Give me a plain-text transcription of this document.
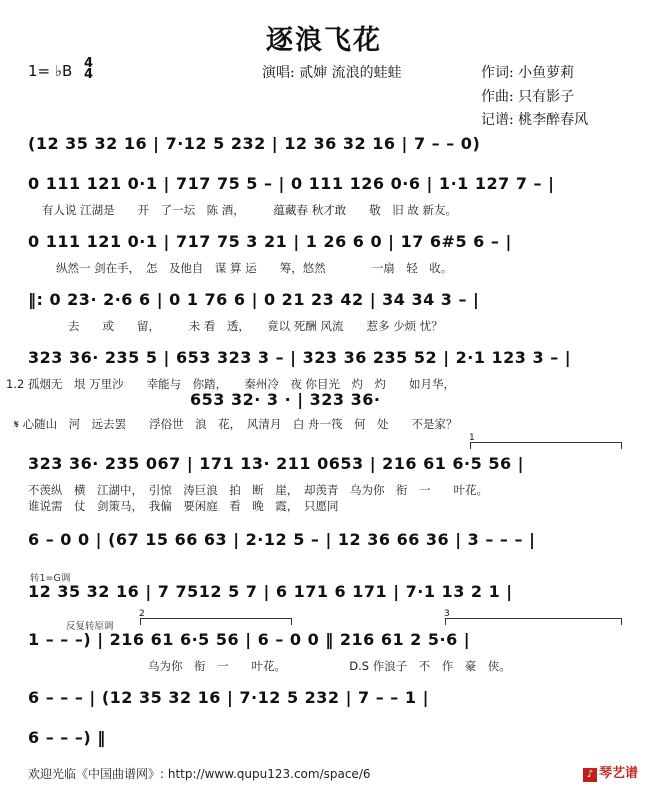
逐浪飞花
1= ♭B 4
4	演唱: 贰婶 流浪的蛙蛙	作词: 小鱼萝莉
作曲: 只有影子
记谱: 桃李醉春风
(12 35 32 16 | 7·12 5 232 | 12 36 32 16 | 7 – – 0)
0 111 121 0·1 | 717 75 5 – | 0 111 126 0·6 | 1·1 127 7 – |
有人说 江湖是　　开　了一坛　陈 酒，　　　蕴藏春 秋才敢　　敬　旧 故 新友。
0 111 121 0·1 | 717 75 3 21 | 1 26 6 0 | 17 6#5 6 – |
纵然一 剑在手，　怎　及他自　谋 算 运　　筹，悠然　　　　一扇　轻　收。
‖: 0 23· 2·6 6 | 0 1 76 6 | 0 21 23 42 | 34 34 3 – |
去　　或　　留，　　　未 看　透，　　竟以 死酬 风流　　惹多 少烦 忧？
323 36· 235 5 | 653 323 3 – | 323 36 235 52 | 2·1 123 3 – |
1.2 孤烟无　垠 万里沙　　幸能与　你踏，　　秦州冷　夜 你目光　灼　灼　　如月华，
653 32· 3 · | 323 36·
𝄋 心随山　河　远去罢　　浮俗世　浪　花，　风清月　白 舟一筏　何　处　　不是家？
1
323 36· 235 067 | 171 13· 211 0653 | 216 61 6·5 56 |
不羡纵　横　江湖中，　引惊　涛巨浪　拍　断　崖，　却羡青　乌为你　衔　一　　叶花。
谁说需　仗　剑策马，　我偏　要闲庭　看　晚　霞，　只愿同
6 – 0 0 | (67 15 66 63 | 2·12 5 – | 12 36 66 36 | 3 – – – |
转1=G调
12 35 32 16 | 7 7512 5 7 | 6 171 6 171 | 7·1 13 2 1 |
反复转原调
2	3
1 – – –) | 216 61 6·5 56 | 6 – 0 0 ‖ 216 61 2 5·6 |
乌为你　衔　一　　叶花。　　　　　　D.S 作浪子　不　作　豪　侠。
6 – – – | (12 35 32 16 | 7·12 5 232 | 7 – – 1 |
6 – – –) ‖
欢迎光临《中国曲谱网》: http://www.qupu123.com/space/6	♪ 琴艺谱
